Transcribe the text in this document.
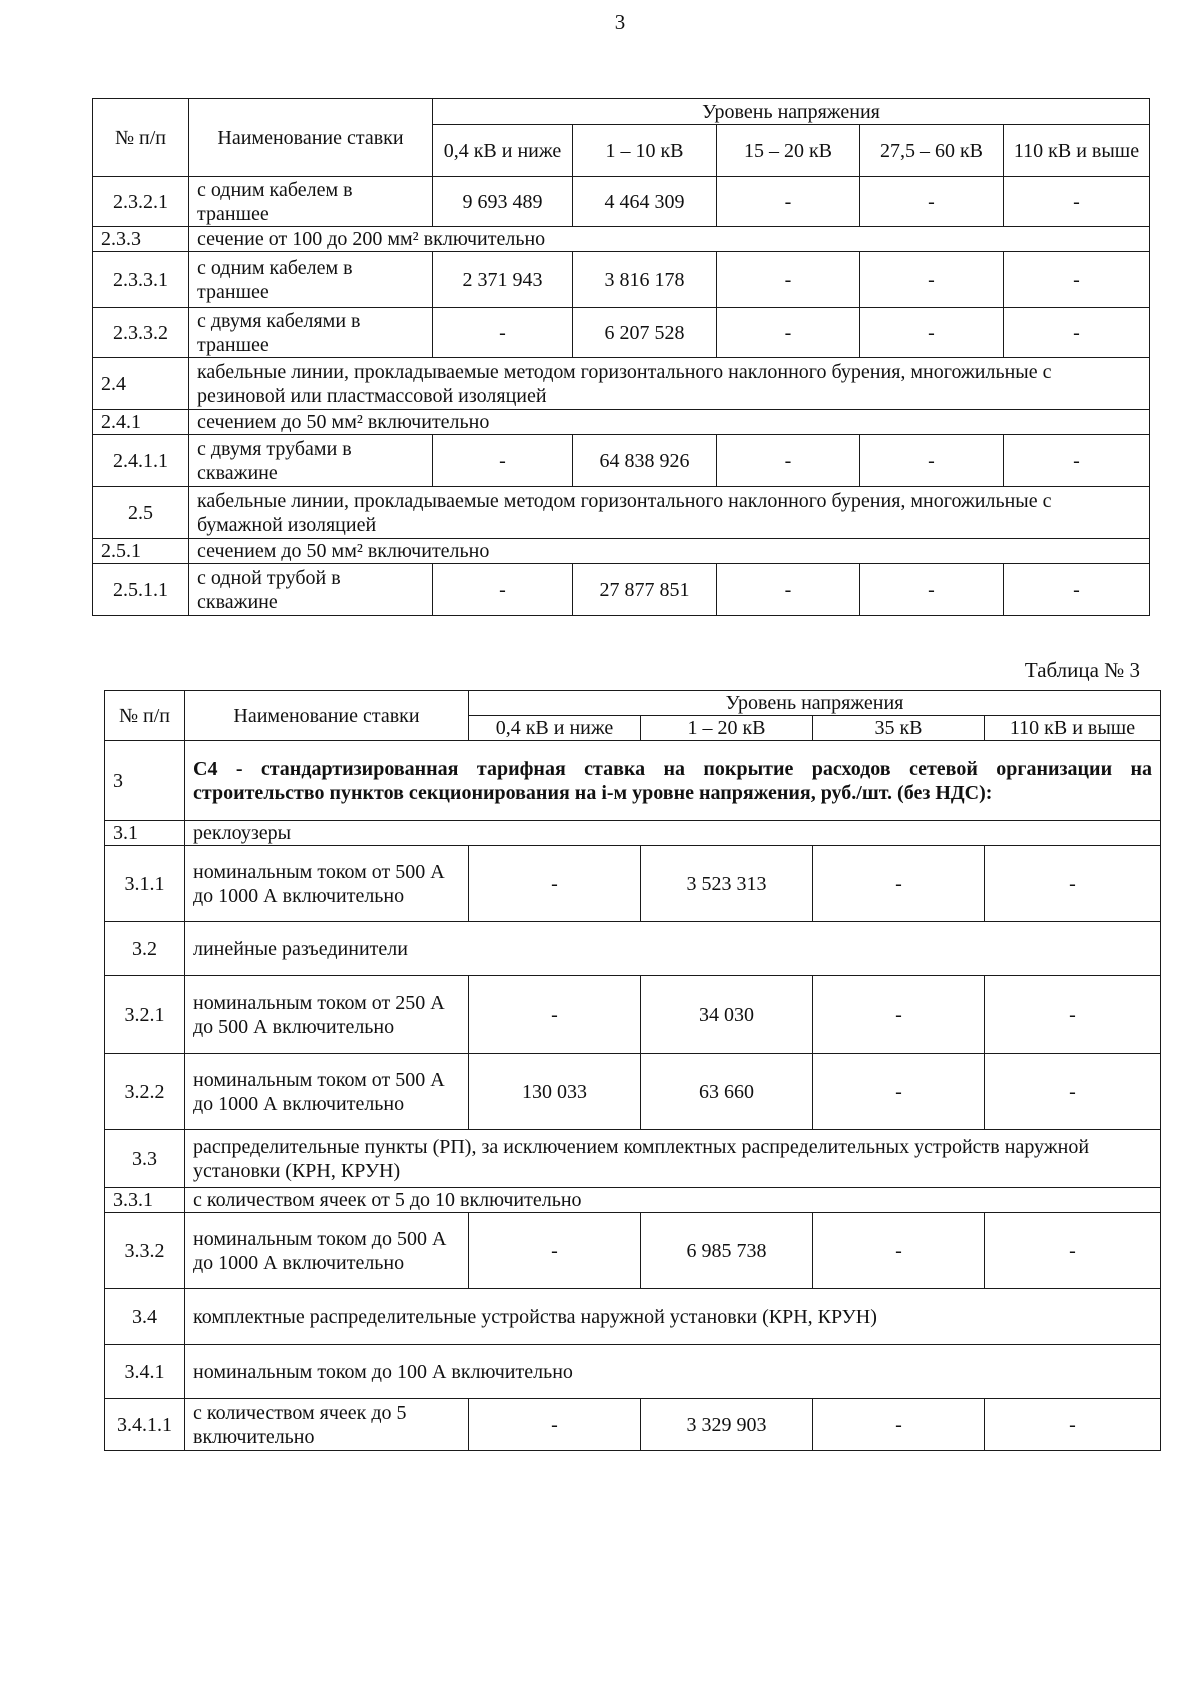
3
№ п/п	Наименование ставки	Уровень напряжения				
		0,4 кВ и ниже	1 – 10 кВ	15 – 20 кВ	27,5 – 60 кВ	110 кВ и выше
2.3.2.1	с одним кабелем в траншее	9 693 489	4 464 309	-	-	-
2.3.3	сечение от 100 до 200 мм² включительно					
2.3.3.1	с одним кабелем в траншее	2 371 943	3 816 178	-	-	-
2.3.3.2	с двумя кабелями в траншее	-	6 207 528	-	-	-
2.4	кабельные линии, прокладываемые методом горизонтального наклонного бурения, многожильные с резиновой или пластмассовой изоляцией					
2.4.1	сечением до 50 мм² включительно					
2.4.1.1	с двумя трубами в скважине	-	64 838 926	-	-	-
2.5	кабельные линии, прокладываемые методом горизонтального наклонного бурения, многожильные с бумажной изоляцией					
2.5.1	сечением до 50 мм² включительно					
2.5.1.1	с одной трубой в скважине	-	27 877 851	-	-	-
Таблица № 3
№ п/п	Наименование ставки	Уровень напряжения			
		0,4 кВ и ниже	1 – 20 кВ	35 кВ	110 кВ и выше
3	С4 - стандартизированная тарифная ставка на покрытие расходов сетевой организации на строительство пунктов секционирования на i-м уровне напряжения, руб./шт. (без НДС):				
3.1	реклоузеры				
3.1.1	номинальным током от 500 А до 1000 А включительно	-	3 523 313	-	-
3.2	линейные разъединители				
3.2.1	номинальным током от 250 А до 500 А включительно	-	34 030	-	-
3.2.2	номинальным током от 500 А до 1000 А включительно	130 033	63 660	-	-
3.3	распределительные пункты (РП), за исключением комплектных распределительных устройств наружной установки (КРН, КРУН)				
3.3.1	с количеством ячеек от 5 до 10 включительно				
3.3.2	номинальным током до 500 А до 1000 А включительно	-	6 985 738	-	-
3.4	комплектные распределительные устройства наружной установки (КРН, КРУН)				
3.4.1	номинальным током до 100 А включительно				
3.4.1.1	с количеством ячеек до 5 включительно	-	3 329 903	-	-
